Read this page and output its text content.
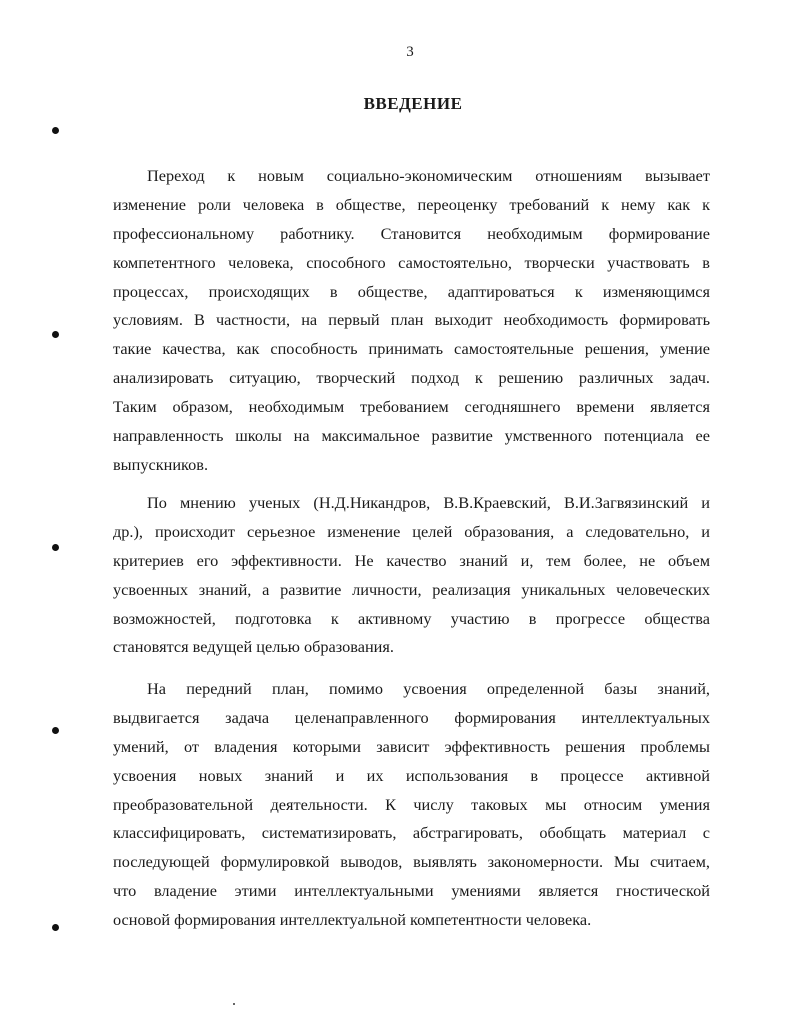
3
ВВЕДЕНИЕ
Переход к новым социально-экономическим отношениям вызывает
изменение роли человека в обществе, переоценку требований к нему как к
профессиональному работнику. Становится необходимым формирование
компетентного человека, способного самостоятельно, творчески участвовать в
процессах, происходящих в обществе, адаптироваться к изменяющимся
условиям. В частности, на первый план выходит необходимость формировать
такие качества, как способность принимать самостоятельные решения, умение
анализировать ситуацию, творческий подход к решению различных задач.
Таким образом, необходимым требованием сегодняшнего времени является
направленность школы на максимальное развитие умственного потенциала ее
выпускников.
По мнению ученых (Н.Д.Никандров, В.В.Краевский, В.И.Загвязинский и
др.), происходит серьезное изменение целей образования, а следовательно, и
критериев его эффективности. Не качество знаний и, тем более, не объем
усвоенных знаний, а развитие личности, реализация уникальных человеческих
возможностей, подготовка к активному участию в прогрессе общества
становятся ведущей целью образования.
На передний план, помимо усвоения определенной базы знаний,
выдвигается задача целенаправленного формирования интеллектуальных
умений, от владения которыми зависит эффективность решения проблемы
усвоения новых знаний и их использования в процессе активной
преобразовательной деятельности. К числу таковых мы относим умения
классифицировать, систематизировать, абстрагировать, обобщать материал с
последующей формулировкой выводов, выявлять закономерности. Мы считаем,
что владение этими интеллектуальными умениями является гностической
основой формирования интеллектуальной компетентности человека.
